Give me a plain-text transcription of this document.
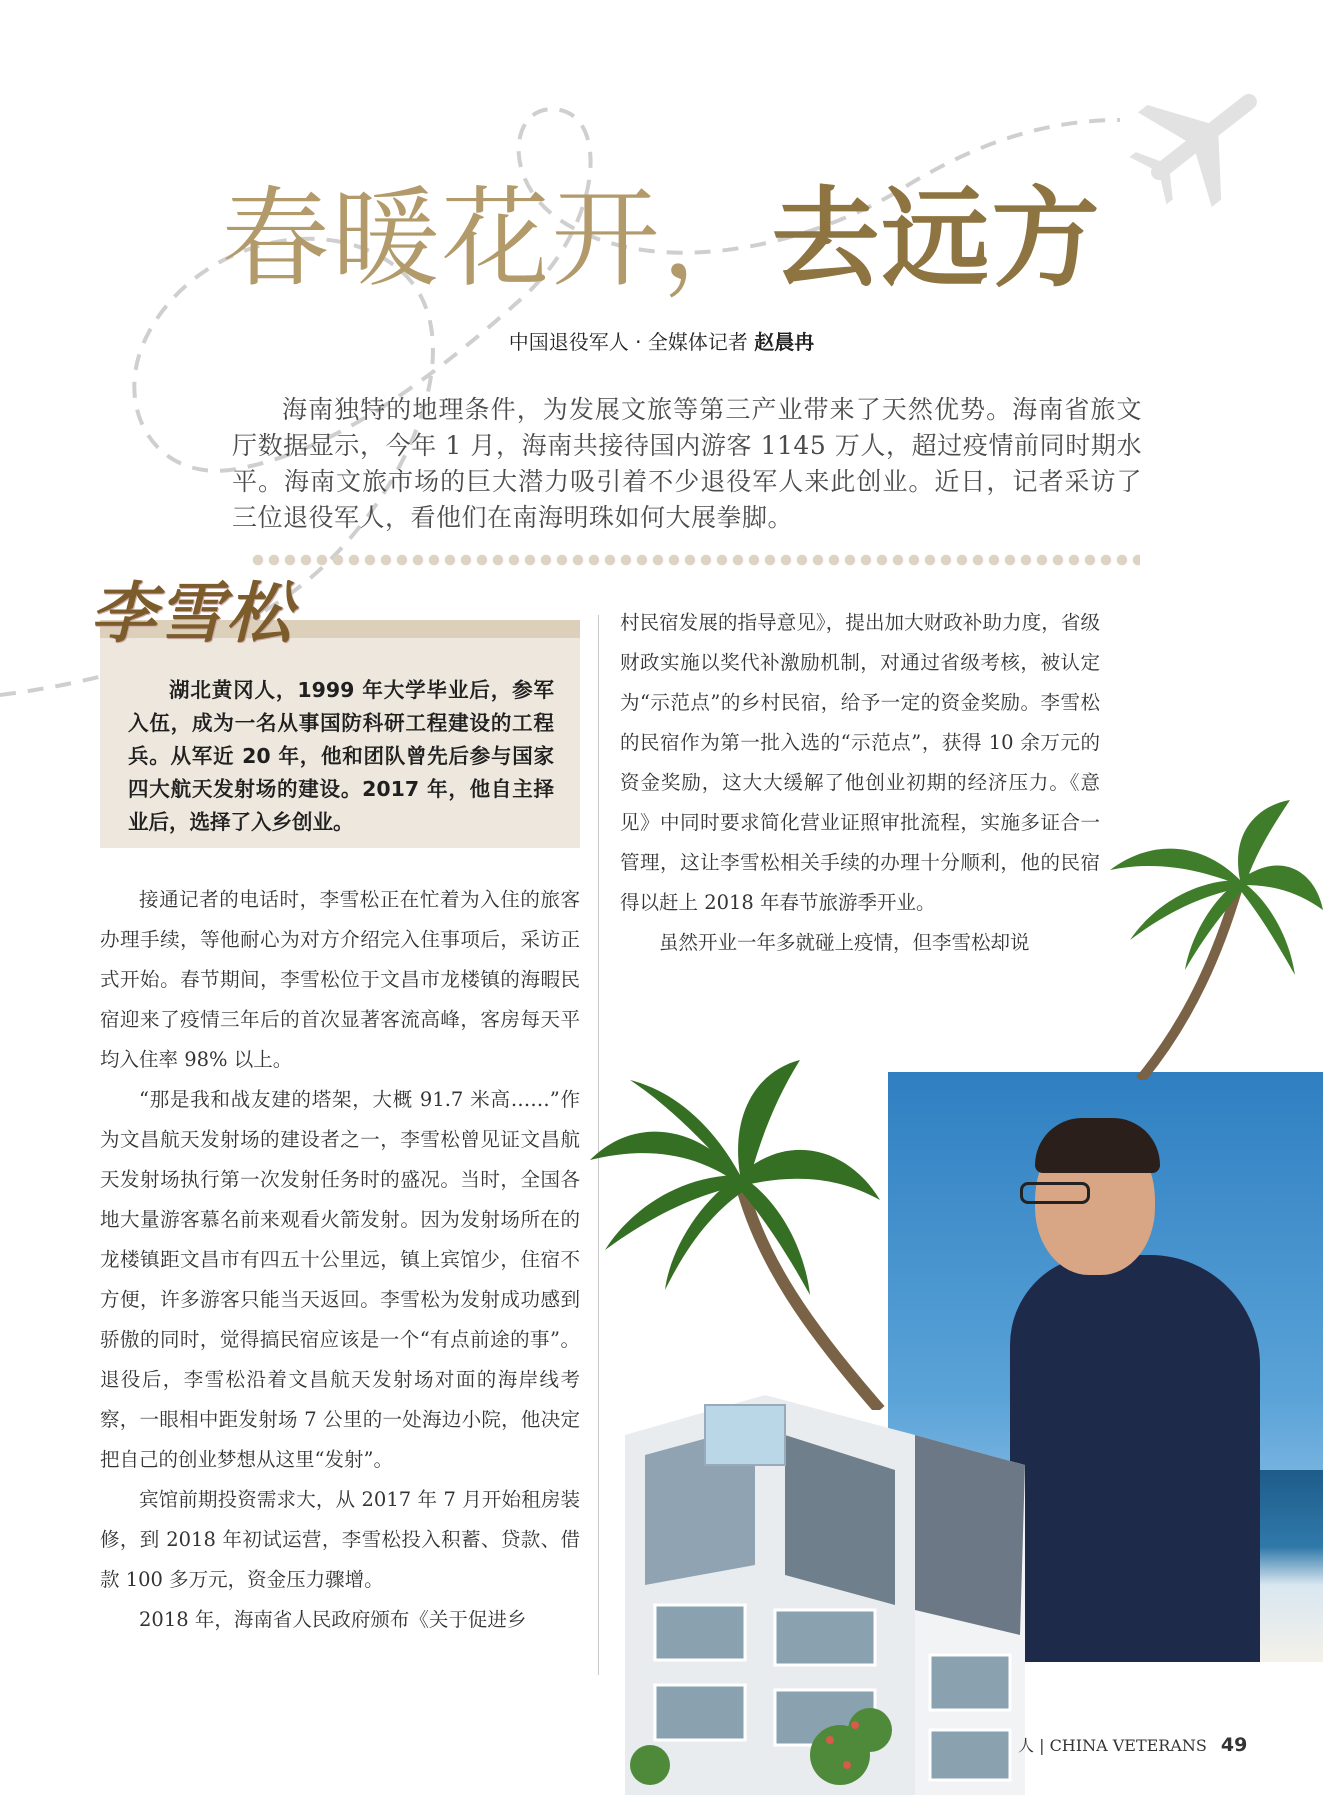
春暖花开，去远方
中国退役军人 · 全媒体记者 赵晨冉
海南独特的地理条件，为发展文旅等第三产业带来了天然优势。海南省旅文厅数据显示，今年 1 月，海南共接待国内游客 1145 万人，超过疫情前同时期水平。海南文旅市场的巨大潜力吸引着不少退役军人来此创业。近日，记者采访了三位退役军人，看他们在南海明珠如何大展拳脚。
李雪松
湖北黄冈人，1999 年大学毕业后，参军入伍，成为一名从事国防科研工程建设的工程兵。从军近 20 年，他和团队曾先后参与国家四大航天发射场的建设。2017 年，他自主择业后，选择了入乡创业。

接通记者的电话时，李雪松正在忙着为入住的旅客办理手续，等他耐心为对方介绍完入住事项后，采访正式开始。春节期间，李雪松位于文昌市龙楼镇的海暇民宿迎来了疫情三年后的首次显著客流高峰，客房每天平均入住率 98% 以上。

“那是我和战友建的塔架，大概 91.7 米高……”作为文昌航天发射场的建设者之一，李雪松曾见证文昌航天发射场执行第一次发射任务时的盛况。当时，全国各地大量游客慕名前来观看火箭发射。因为发射场所在的龙楼镇距文昌市有四五十公里远，镇上宾馆少，住宿不方便，许多游客只能当天返回。李雪松为发射成功感到骄傲的同时，觉得搞民宿应该是一个“有点前途的事”。退役后，李雪松沿着文昌航天发射场对面的海岸线考察，一眼相中距发射场 7 公里的一处海边小院，他决定把自己的创业梦想从这里“发射”。

宾馆前期投资需求大，从 2017 年 7 月开始租房装修，到 2018 年初试运营，李雪松投入积蓄、贷款、借款 100 多万元，资金压力骤增。

2018 年，海南省人民政府颁布《关于促进乡

村民宿发展的指导意见》，提出加大财政补助力度，省级财政实施以奖代补激励机制，对通过省级考核，被认定为“示范点”的乡村民宿，给予一定的资金奖励。李雪松的民宿作为第一批入选的“示范点”，获得 10 余万元的资金奖励，这大大缓解了他创业初期的经济压力。《意见》中同时要求简化营业证照审批流程，实施多证合一管理，这让李雪松相关手续的办理十分顺利，他的民宿得以赶上 2018 年春节旅游季开业。

虽然开业一年多就碰上疫情，但李雪松却说

人 | CHINA VETERANS 49
